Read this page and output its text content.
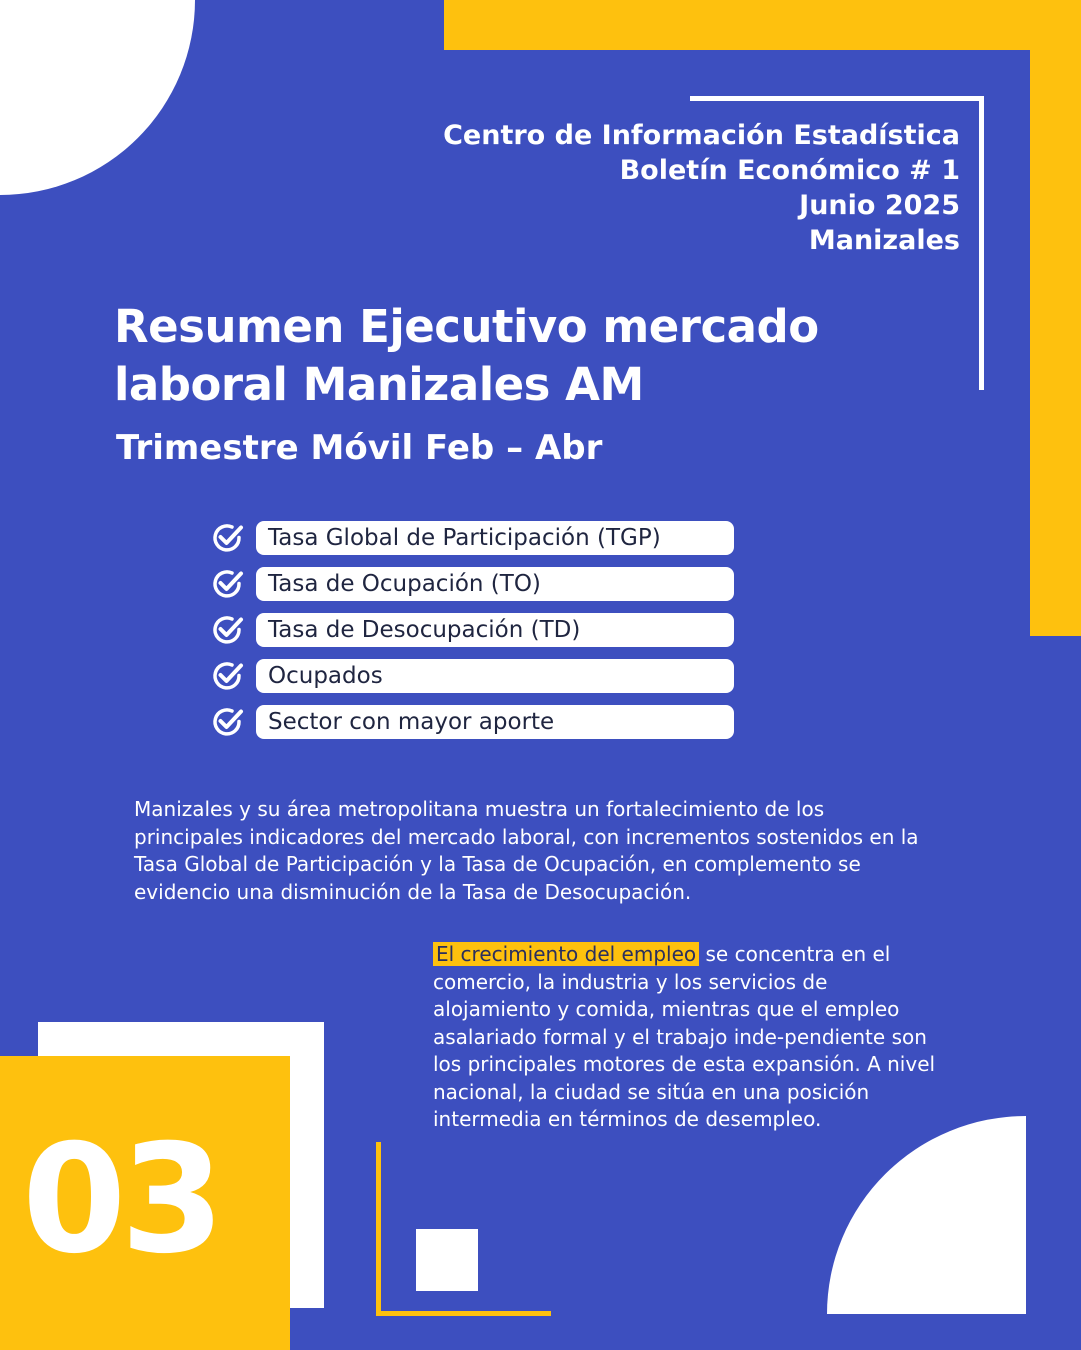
03
Centro de Información Estadística
Boletín Económico # 1
Junio 2025
Manizales
Resumen Ejecutivo mercado
laboral Manizales AM
Trimestre Móvil Feb – Abr
Tasa Global de Participación (TGP)
Tasa de Ocupación (TO)
Tasa de Desocupación (TD)
Ocupados
Sector con mayor aporte
Manizales y su área metropolitana muestra un fortalecimiento de los principales indicadores del mercado laboral, con incrementos sostenidos en la Tasa Global de Participación y la Tasa de Ocupación, en complemento se evidencio una disminución de la Tasa de Desocupación.
El crecimiento del empleo se concentra en el comercio, la industria y los servicios de alojamiento y comida, mientras que el empleo asalariado formal y el trabajo inde-pendiente son los principales motores de esta expansión. A nivel nacional, la ciudad se sitúa en una posición intermedia en términos de desempleo.
